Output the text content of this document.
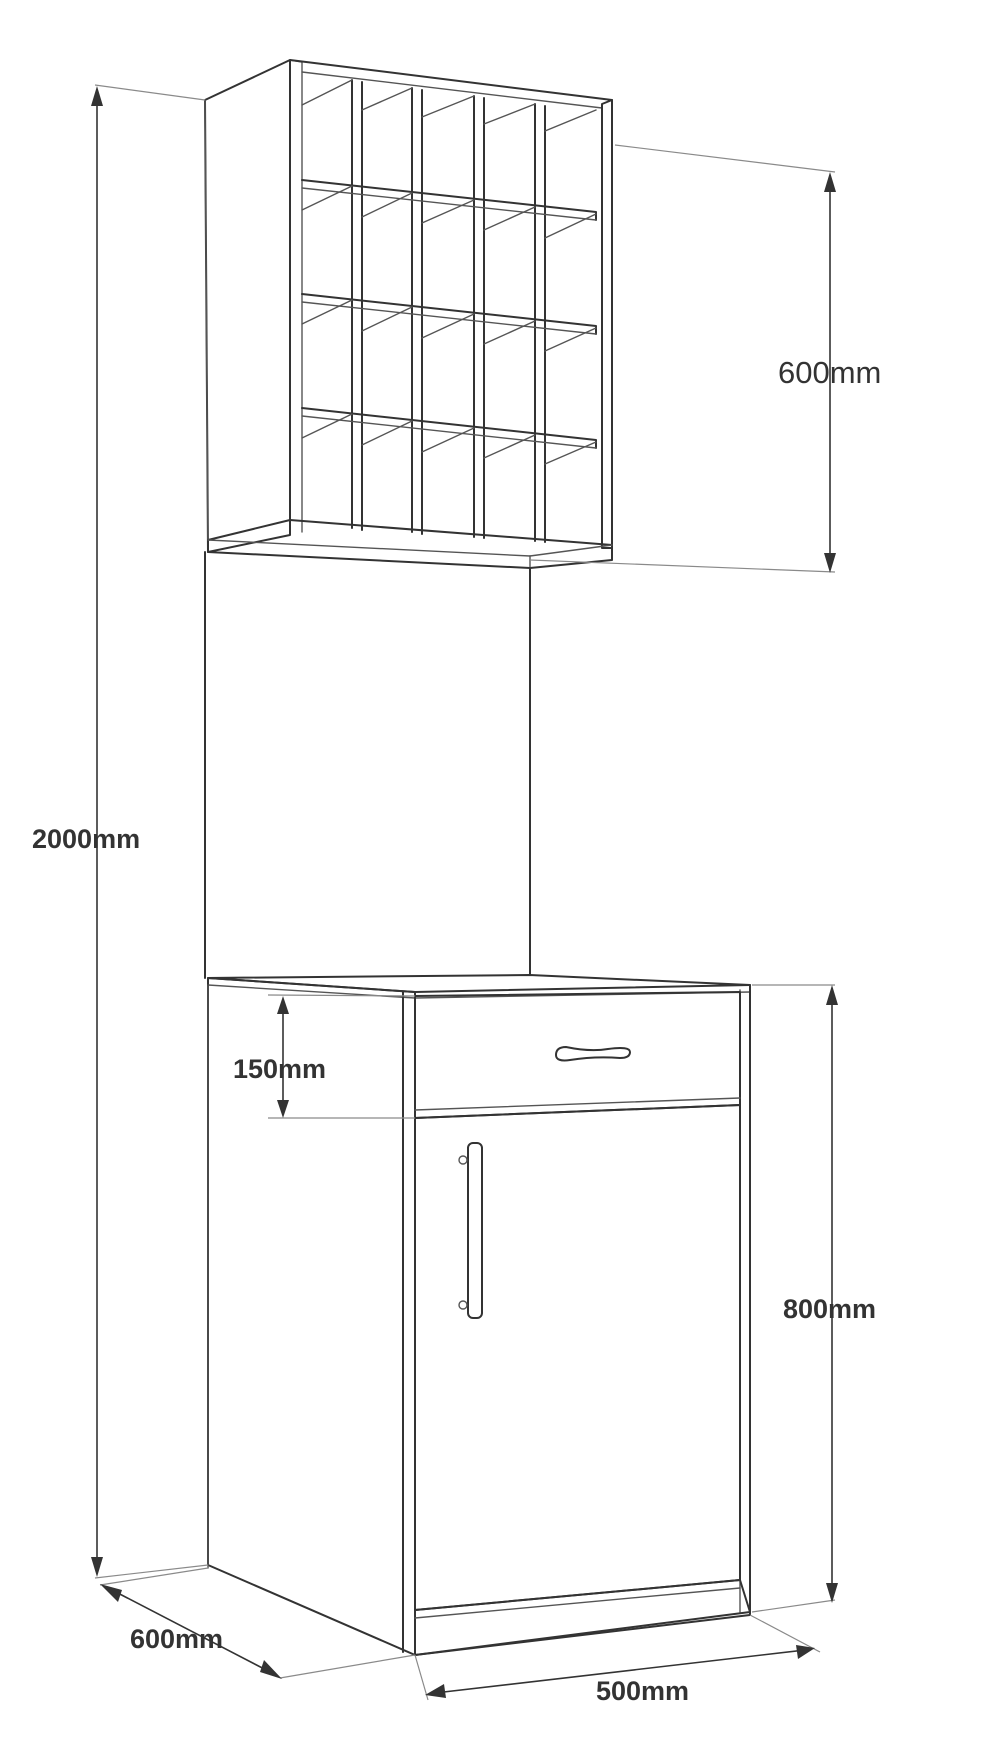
2000mm
600mm
150mm
800mm
600mm
500mm
